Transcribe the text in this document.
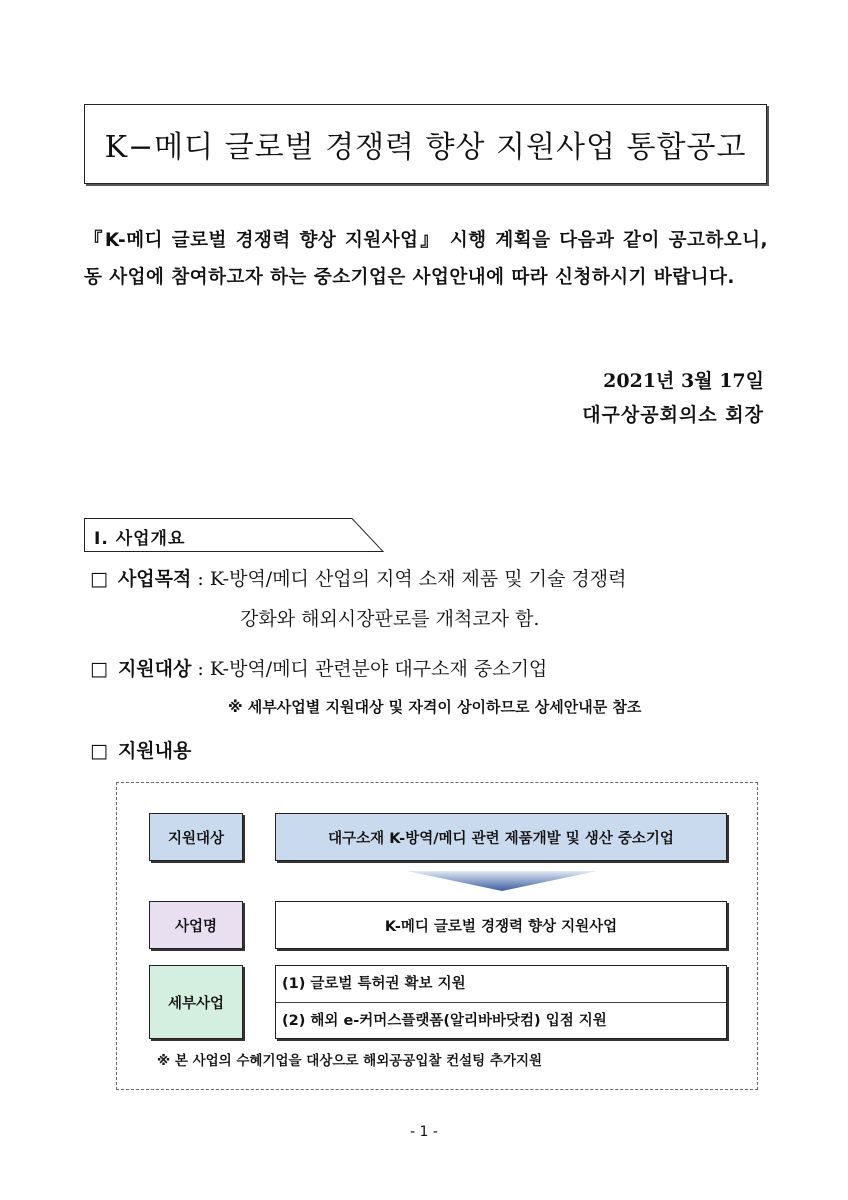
K−메디 글로벌 경쟁력 향상 지원사업 통합공고
『K-메디 글로벌 경쟁력 향상 지원사업』 시행 계획을 다음과 같이 공고하오니, 동 사업에 참여하고자 하는 중소기업은 사업안내에 따라 신청하시기 바랍니다.
2021년 3월 17일
대구상공회의소 회장
Ⅰ. 사업개요
□ 사업목적 : K-방역/메디 산업의 지역 소재 제품 및 기술 경쟁력
강화와 해외시장판로를 개척코자 함.
□ 지원대상 : K-방역/메디 관련분야 대구소재 중소기업
※ 세부사업별 지원대상 및 자격이 상이하므로 상세안내문 참조
□ 지원내용
지원대상	대구소재 K-방역/메디 관련 제품개발 및 생산 중소기업
사업명	K-메디 글로벌 경쟁력 향상 지원사업
세부사업
(1) 글로벌 특허권 확보 지원
(2) 해외 e-커머스플랫폼(알리바바닷컴) 입점 지원
※ 본 사업의 수혜기업을 대상으로 해외공공입찰 컨설팅 추가지원
- 1 -
